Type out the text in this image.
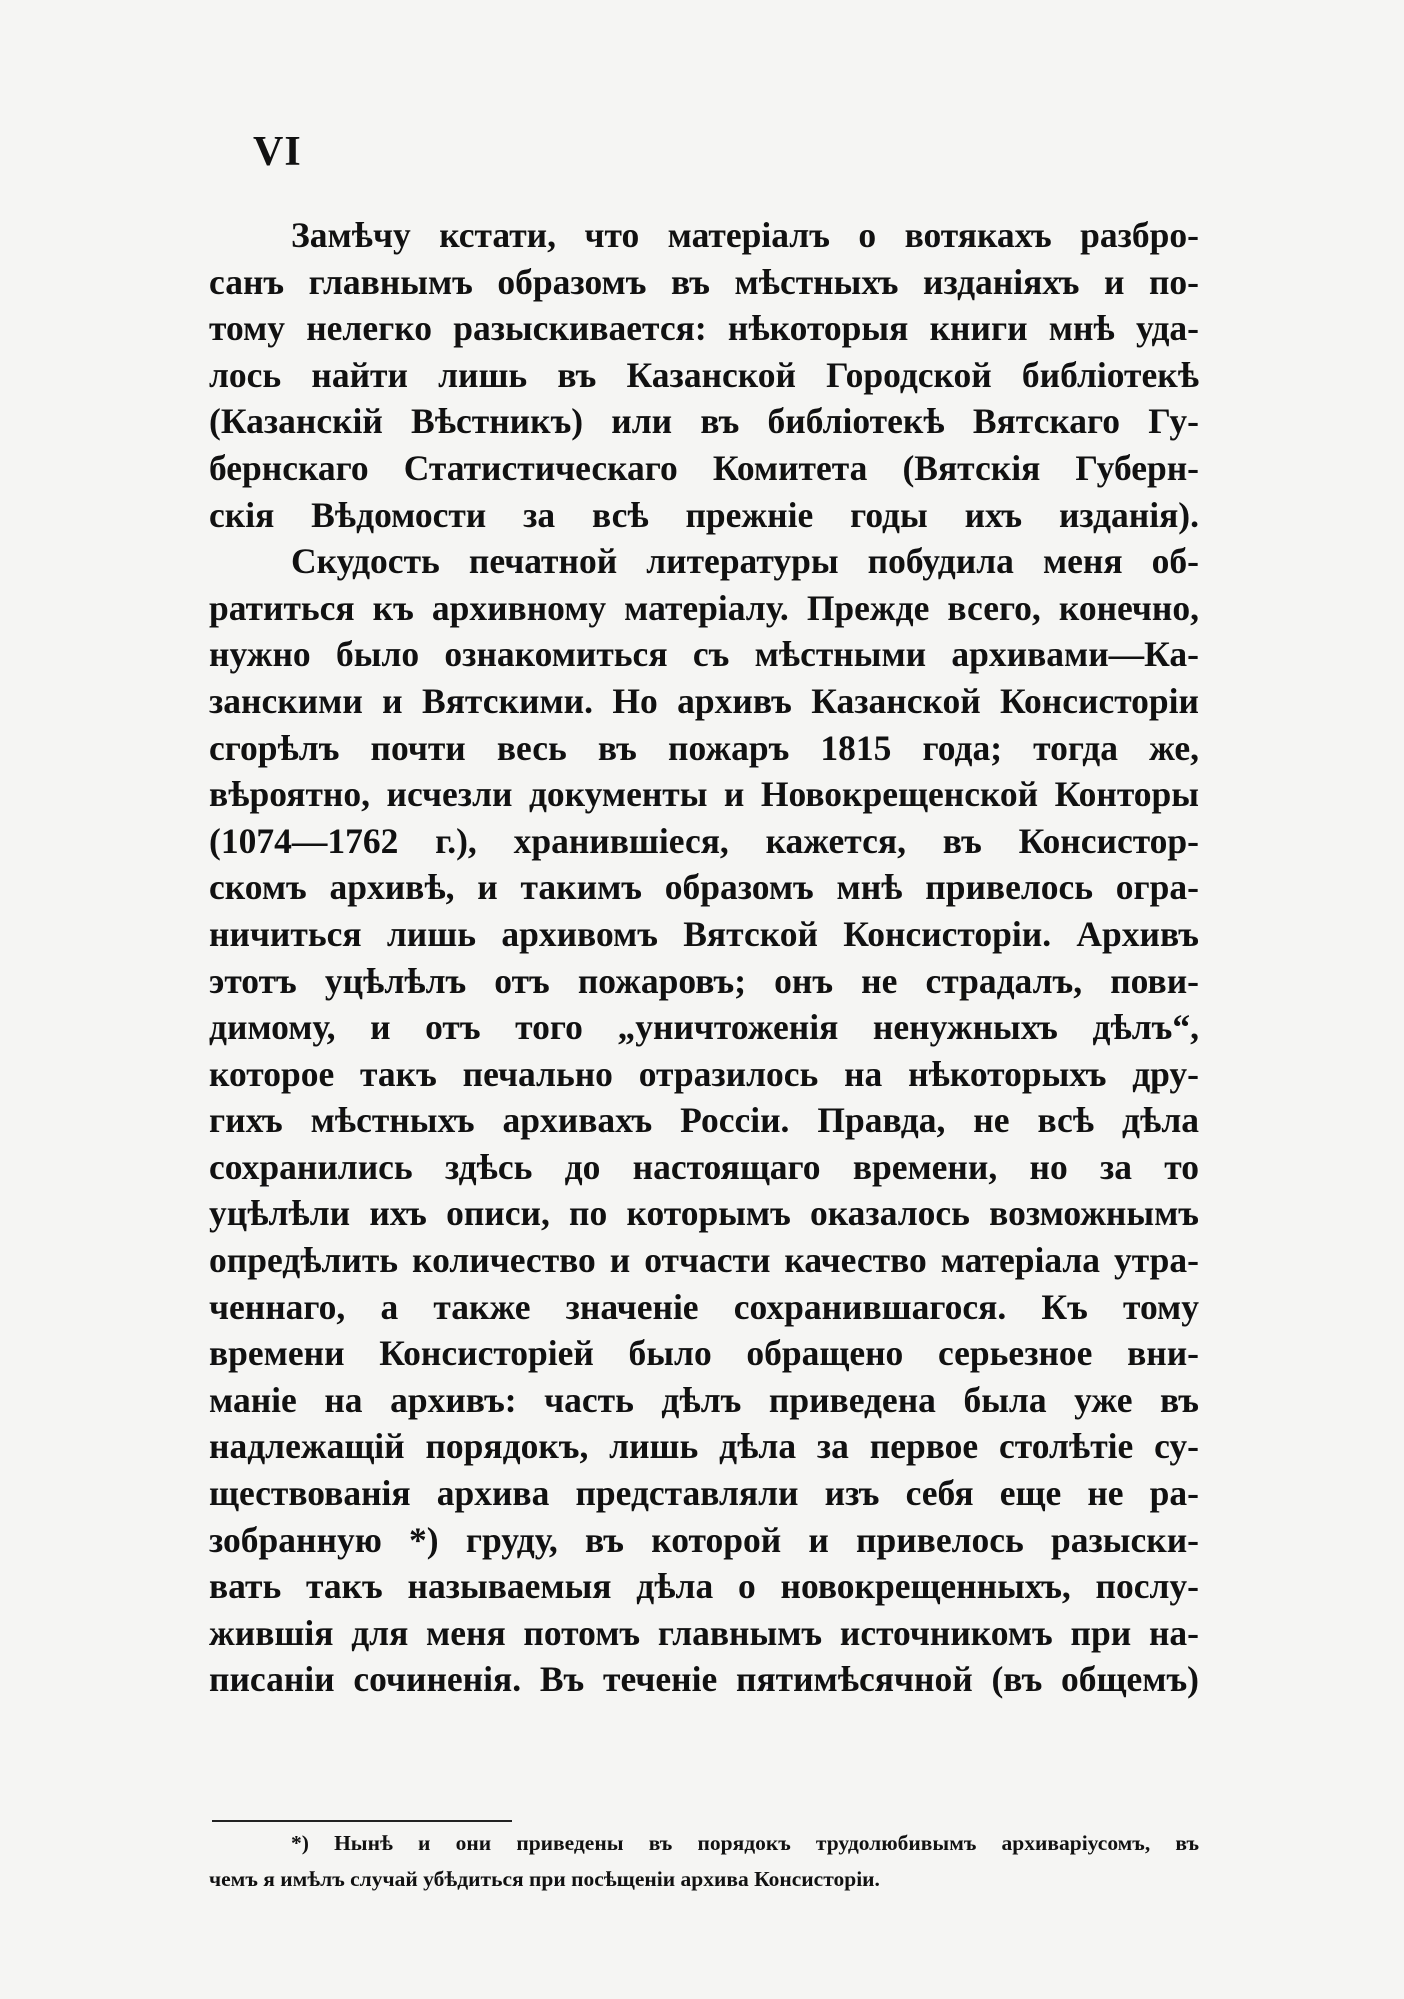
VI
Замѣчу кстати, что матеріалъ о вотякахъ разбро-
санъ главнымъ образомъ въ мѣстныхъ изданіяхъ и по-
тому нелегко разыскивается: нѣкоторыя книги мнѣ уда-
лось найти лишь въ Казанской Городской библіотекѣ
(Казанскій Вѣстникъ) или въ библіотекѣ Вятскаго Гу-
бернскаго Статистическаго Комитета (Вятскія Губерн-
скія Вѣдомости за всѣ прежніе годы ихъ изданія).
Скудость печатной литературы побудила меня об-
ратиться къ архивному матеріалу. Прежде всего, конечно,
нужно было ознакомиться съ мѣстными архивами—Ка-
занскими и Вятскими. Но архивъ Казанской Консисторіи
сгорѣлъ почти весь въ пожаръ 1815 года; тогда же,
вѣроятно, исчезли документы и Новокрещенской Конторы
(1074—1762 г.), хранившіеся, кажется, въ Консистор-
скомъ архивѣ, и такимъ образомъ мнѣ привелось огра-
ничиться лишь архивомъ Вятской Консисторіи. Архивъ
этотъ уцѣлѣлъ отъ пожаровъ; онъ не страдалъ, пови-
димому, и отъ того „уничтоженія ненужныхъ дѣлъ“,
которое такъ печально отразилось на нѣкоторыхъ дру-
гихъ мѣстныхъ архивахъ Россіи. Правда, не всѣ дѣла
сохранились здѣсь до настоящаго времени, но за то
уцѣлѣли ихъ описи, по которымъ оказалось возможнымъ
опредѣлить количество и отчасти качество матеріала утра-
ченнаго, а также значеніе сохранившагося. Къ тому
времени Консисторіей было обращено серьезное вни-
маніе на архивъ: часть дѣлъ приведена была уже въ
надлежащій порядокъ, лишь дѣла за первое столѣтіе су-
ществованія архива представляли изъ себя еще не ра-
зобранную *) груду, въ которой и привелось разыски-
вать такъ называемыя дѣла о новокрещенныхъ, послу-
жившія для меня потомъ главнымъ источникомъ при на-
писаніи сочиненія. Въ теченіе пятимѣсячной (въ общемъ)
*) Нынѣ и они приведены въ порядокъ трудолюбивымъ архиваріусомъ, въ
чемъ я имѣлъ случай убѣдиться при посѣщеніи архива Консисторіи.
